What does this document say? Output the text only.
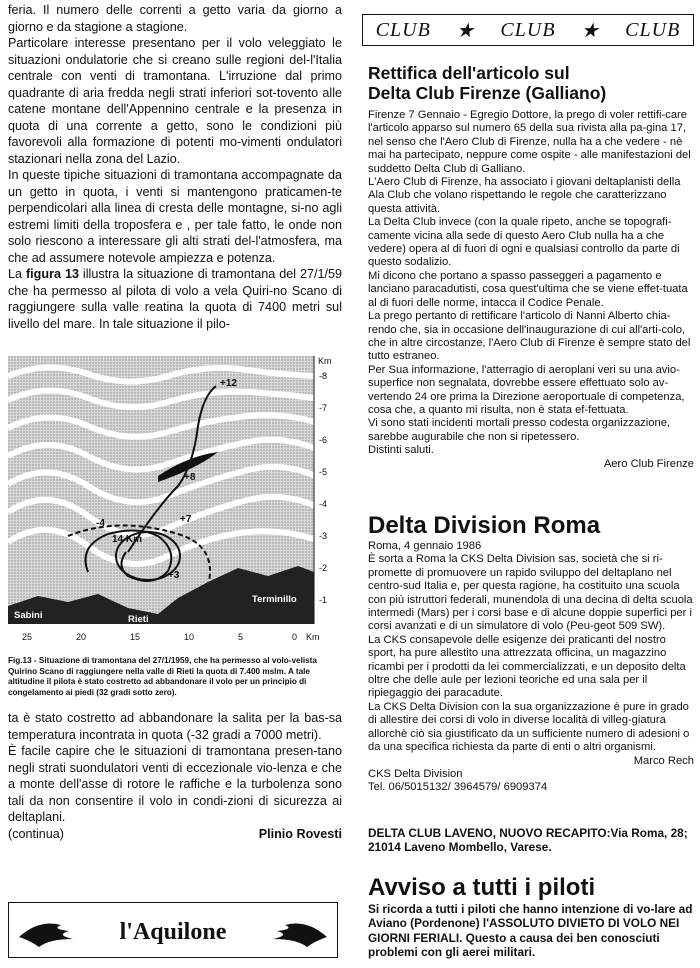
feria. Il numero delle correnti a getto varia da giorno a giorno e da stagione a stagione.

Particolare interesse presentano per il volo veleggiato le situazioni ondulatorie che si creano sulle regioni del-l'Italia centrale con venti di tramontana. L'irruzione dal primo quadrante di aria fredda negli strati inferiori sot-tovento alle catene montane dell'Appennino centrale e la presenza in quota di una corrente a getto, sono le condizioni più favorevoli alla formazione di potenti mo-vimenti ondulatori stazionari nella zona del Lazio.

In queste tipiche situazioni di tramontana accompagnate da un getto in quota, i venti si mantengono praticamen-te perpendicolari alla linea di cresta delle montagne, si-no agli estremi limiti della troposfera e , per tale fatto, le onde non solo riescono a interessare gli alti strati del-l'atmosfera, ma che ad assumere notevole ampiezza e potenza.

La figura 13 illustra la situazione di tramontana del 27/1/59 che ha permesso al pilota di volo a vela Quiri-no Scano di raggiungere sulla valle reatina la quota di 7400 metri sul livello del mare. In tale situazione il pilo-

Fig.13 - Situazione di tramontana del 27/1/1959, che ha permesso al volo-velista Quirino Scano di raggiungere nella valle di Rieti la quota di 7.400 mslm. A tale altitudine il pilota è stato costretto ad abbandonare il volo per un principio di congelamento ai piedi (32 gradi sotto zero).

ta è stato costretto ad abbandonare la salita per la bas-sa temperatura incontrata in quota (-32 gradi a 7000 metri).

È facile capire che le situazioni di tramontana presen-tano negli strati suondulatori venti di eccezionale vio-lenza e che a monte dell'asse di rotore le raffiche e la turbolenza sono tali da non consentire il volo in condi-zioni di sicurezza ai deltaplani.

(continua)	Plinio Rovesti
+12
+8
-4	+7
14 Km
+3
Sabini	Rieti
Terminillo
-8
-7
-6
-5
-4
-3
-2
-1
Km
25	20	15	10	5	0 Km
l'Aquilone
CLUB ★ CLUB ★ CLUB
Rettifica dell'articolo sul
Delta Club Firenze (Galliano)

Firenze 7 Gennaio - Egregio Dottore, la prego di voler rettifi-care l'articolo apparso sul numero 65 della sua rivista alla pa-gina 17, nel senso che l'Aero Club di Firenze, nulla ha a che vedere - nè mai ha partecipato, neppure come ospite - alle manifestazioni del suddetto Delta Club di Galliano.

L'Aero Club di Firenze, ha associato i giovani deltaplanisti della Ala Club che volano rispettando le regole che caratterizzano questa attività.

La Delta Club invece (con la quale ripeto, anche se topografi-camente vicina alla sede di questo Aero Club nulla ha a che vedere) opera al di fuori di ogni e qualsiasi controllo da parte di questo sodalizio.

Mi dicono che portano a spasso passeggeri a pagamento e lanciano paracadutisti, cosa quest'ultima che se viene effet-tuata al di fuori delle norme, intacca il Codice Penale.

La prego pertanto di rettificare l'articolo di Nanni Alberto chia-rendo che, sia in occasione dell'inaugurazione di cui all'arti-colo, che in altre circostanze, l'Aero Club di Firenze è sempre stato del tutto estraneo.

Per Sua informazione, l'atterragio di aeroplani veri su una avio-superfice non segnalata, dovrebbe essere effettuato solo av-vertendo 24 ore prima la Direzione aeroportuale di competenza, cosa che, a quanto mi risulta, non è stata ef-fettuata.

Vi sono stati incidenti mortali presso codesta organizzazione, sarebbe augurabile che non si ripetessero.

Distinti saluti.

Aero Club Firenze

Delta Division Roma

Roma, 4 gennaio 1986

È sorta a Roma la CKS Delta Division sas, società che si ri-promette di promuovere un rapido sviluppo del deltaplano nel centro-sud Italia e, per questa ragione, ha costituito una scuola con più istruttori federali, munendola di una decina di delta scuola intermedi (Mars) per i corsi base e di alcune doppie superfici per i corsi avanzati e di un simulatore di volo (Peu-geot 509 SW).

La CKS consapevole delle esigenze dei praticanti del nostro sport, ha pure allestito una attrezzata officina, un magazzino ricambi per i prodotti da lei commercializzati, e un deposito delta oltre che delle aule per lezioni teoriche ed una sala per il ripiegaggio dei paracadute.

La CKS Delta Division con la sua organizzazione è pure in grado di allestire dei corsi di volo in diverse località di villeg-giatura allorchè ciò sia giustificato da un sufficiente numero di adesioni o da una specifica richiesta da parte di enti o altri organismi.

Marco Rech

CKS Delta Division

Tel. 06/5015132/ 3964579/ 6909374

DELTA CLUB LAVENO, NUOVO RECAPITO:Via Roma, 28; 21014 Laveno Mombello, Varese.

Avviso a tutti i piloti

Si ricorda a tutti i piloti che hanno intenzione di vo-lare ad Aviano (Pordenone) l'ASSOLUTO DIVIETO DI VOLO NEI GIORNI FERIALI. Questo a causa dei ben conosciuti problemi con gli aerei militari.
